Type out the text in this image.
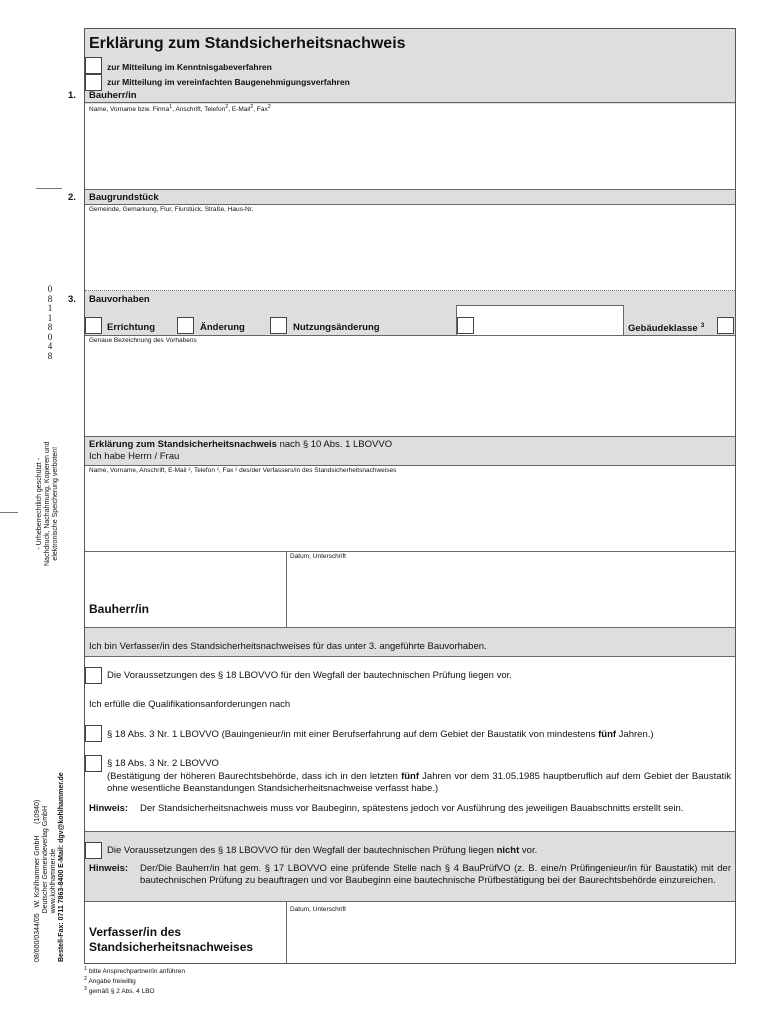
0
8
1
1
8
0
4
8
- Urheberrechtlich geschützt -
Nachdruck, Nachahmung, Kopieren und
elektronische Speicherung verboten!
08/600/0344/05   W. Kohlhammer GmbH      (10940)
Deutscher Gemeindeverlag GmbH
www.kohlhammer.de Bestell-Fax: 0711 7863-8400 E-Mail: dgv@kohlhammer.de
Erklärung zum Standsicherheitsnachweis
zur Mitteilung im Kenntnisgabeverfahren
zur Mitteilung im vereinfachten Baugenehmigungsverfahren
1. Bauherr/in
Name, Vorname bzw. Firma$^1$, Anschrift, Telefon$^2$, E-Mail$^2$, Fax$^2$
2. Baugrundstück
Gemeinde, Gemarkung, Flur, Flurstück, Straße, Haus-Nr.
3. Bauvorhaben
Errichtung	Änderung	Nutzungsänderung	Gebäudeklasse $^3$
Genaue Bezeichnung des Vorhabens
Erklärung zum Standsicherheitsnachweis nach § 10 Abs. 1 LBOVVO
Ich habe Herrn / Frau
Name, Vorname, Anschrift, E-Mail ², Telefon ², Fax ² des/der Verfassers/in des Standsicherheitsnachweises
Datum, Unterschrift
Bauherr/in
Ich bin Verfasser/in des Standsicherheitsnachweises für das unter 3. angeführte Bauvorhaben.
Die Voraussetzungen des § 18 LBOVVO für den Wegfall der bautechnischen Prüfung liegen vor.
Ich erfülle die Qualifikationsanforderungen nach
§ 18 Abs. 3 Nr. 1 LBOVVO (Bauingenieur/in mit einer Berufserfahrung auf dem Gebiet der Baustatik von mindestens fünf Jahren.)
§ 18 Abs. 3 Nr. 2 LBOVVO
(Bestätigung der höheren Baurechtsbehörde, dass ich in den letzten fünf Jahren vor dem 31.05.1985 hauptberuflich auf dem Gebiet der Baustatik ohne wesentliche Beanstandungen Standsicherheitsnachweise verfasst habe.)
Hinweis: Der Standsicherheitsnachweis muss vor Baubeginn, spätestens jedoch vor Ausführung des jeweiligen Bauabschnitts erstellt sein.
Die Voraussetzungen des § 18 LBOVVO für den Wegfall der bautechnischen Prüfung liegen nicht vor.
Hinweis: Der/Die Bauherr/in hat gem. § 17 LBOVVO eine prüfende Stelle nach § 4 BauPrüfVO (z. B. eine/n Prüfingenieur/in für Baustatik) mit der bautechnischen Prüfung zu beauftragen und vor Baubeginn eine bautechnische Prüfbestätigung bei der Baurechtsbehörde einzureichen.
Datum, Unterschrift
Verfasser/in des Standsicherheitsnachweises
$^1$ bitte Ansprechpartner/in anführen
$^2$ Angabe freiwillig
$^3$ gemäß § 2 Abs. 4 LBO
